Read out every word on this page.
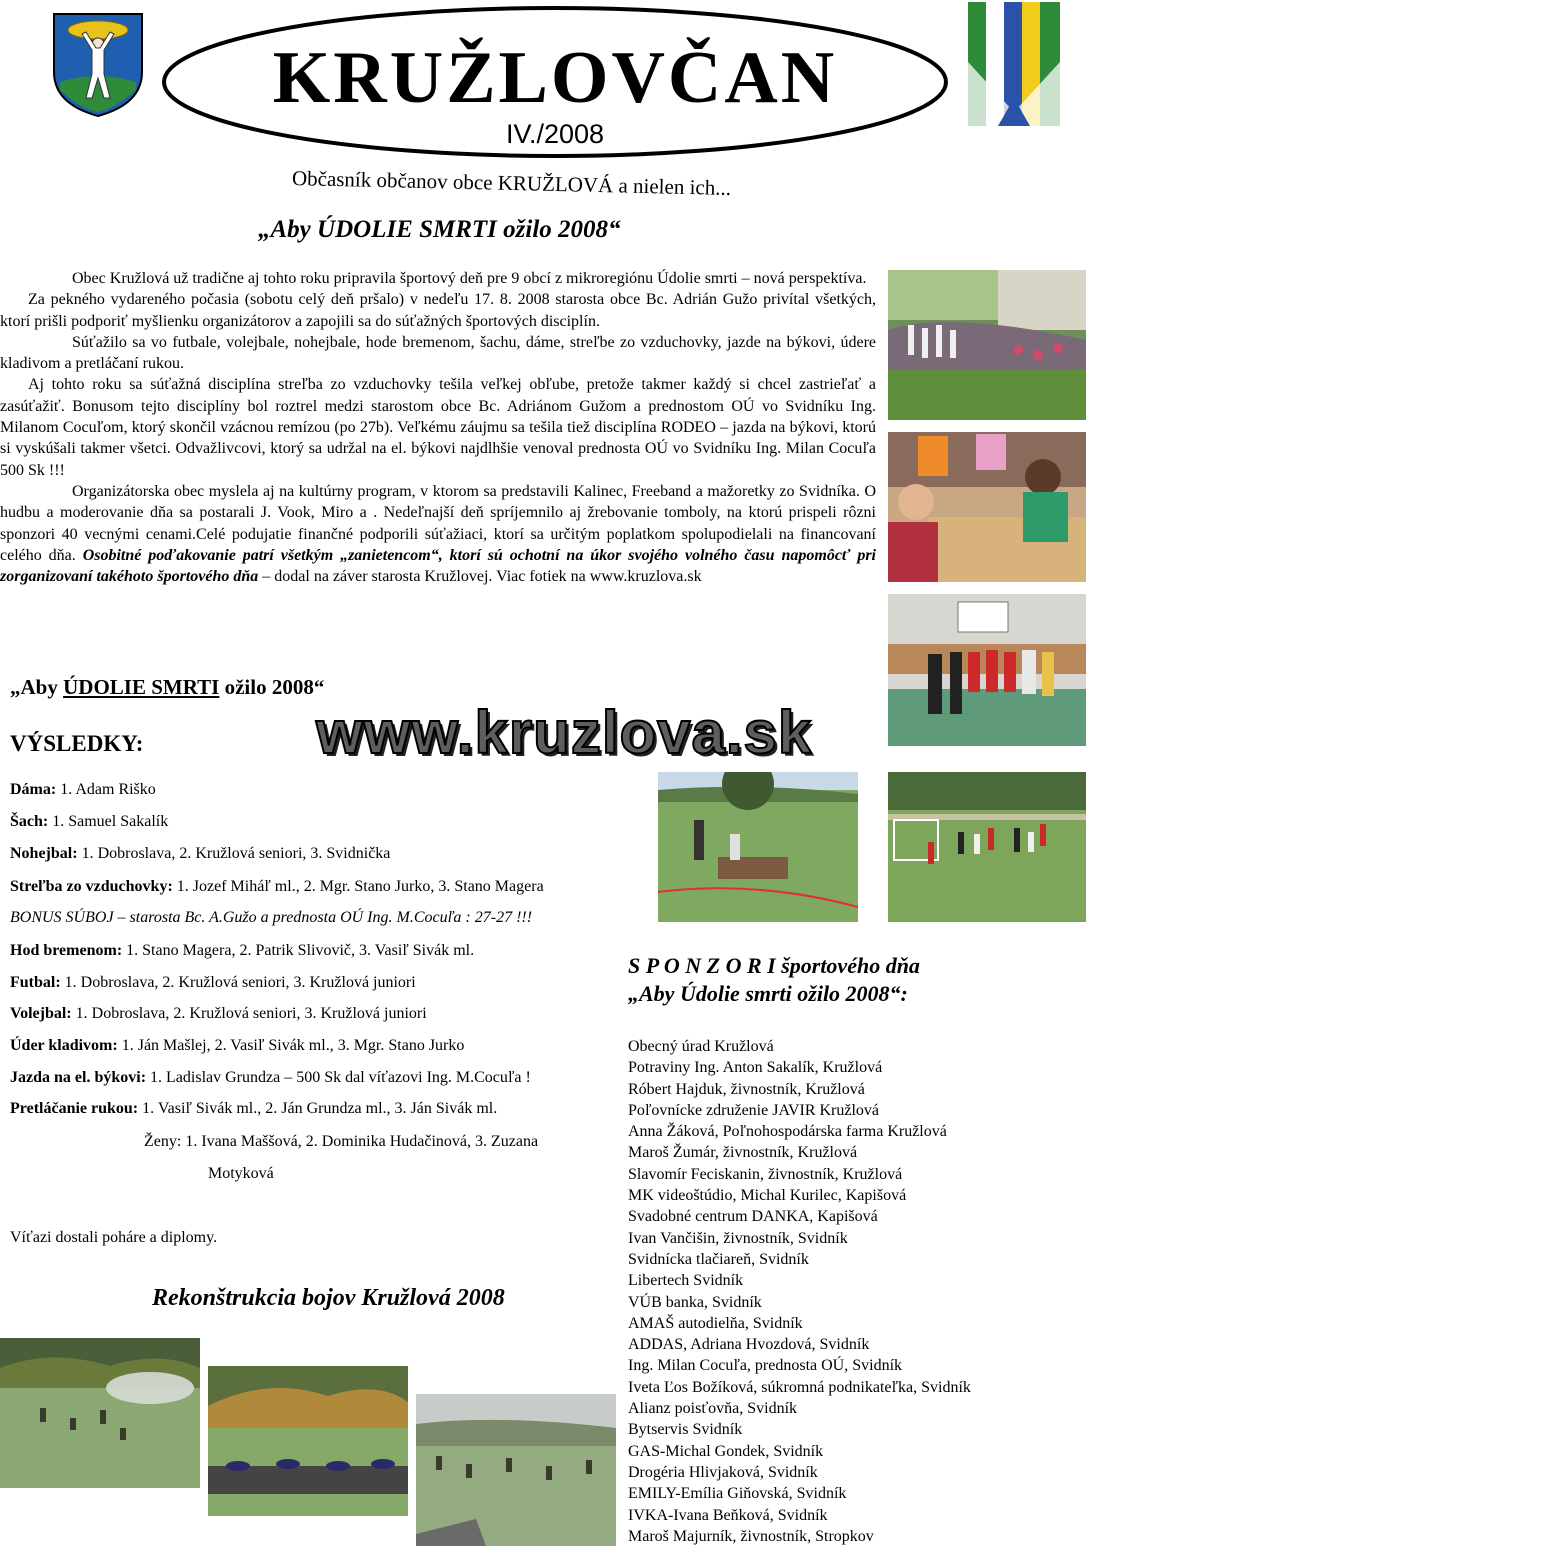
KRUŽLOVČAN
IV./2008
Občasník občanov obce KRUŽLOVÁ a nielen ich...
„Aby ÚDOLIE SMRTI ožilo 2008“

Obec Kružlová už tradične aj tohto roku pripravila športový deň pre 9 obcí z mikroregiónu Údolie smrti – nová perspektíva.

Za pekného vydareného počasia (sobotu celý deň pršalo) v nedeľu 17. 8. 2008 starosta obce Bc. Adrián Gužo privítal všetkých, ktorí prišli podporiť myšlienku organizátorov a zapojili sa do súťažných športových disciplín.

Súťažilo sa vo futbale, volejbale, nohejbale, hode bremenom, šachu, dáme, streľbe zo vzduchovky, jazde na býkovi, údere kladivom a pretláčaní rukou.

Aj tohto roku sa súťažná disciplína streľba zo vzduchovky tešila veľkej obľube, pretože takmer každý si chcel zastrieľať a zasúťažiť. Bonusom tejto disciplíny bol roztrel medzi starostom obce Bc. Adriánom Gužom a prednostom OÚ vo Svidníku Ing. Milanom Cocuľom, ktorý skončil vzácnou remízou (po 27b). Veľkému záujmu sa tešila tiež disciplína RODEO – jazda na býkovi, ktorú si vyskúšali takmer všetci. Odvažlivcovi, ktorý sa udržal na el. býkovi najdlhšie venoval prednosta OÚ vo Svidníku Ing. Milan Cocuľa 500 Sk !!!

Organizátorska obec myslela aj na kultúrny program, v ktorom sa predstavili Kalinec, Freeband a mažoretky zo Svidníka. O hudbu a moderovanie dňa sa postarali J. Vook, Miro a . Nedeľnajší deň spríjemnilo aj žrebovanie tomboly, na ktorú prispeli rôzni sponzori 40 vecnými cenami.Celé podujatie finančné podporili súťažiaci, ktorí sa určitým poplatkom spolupodielali na financovaní celého dňa. Osobitné poďakovanie patrí všetkým „zanietencom“, ktorí sú ochotní na úkor svojého volného času napomôcť pri zorganizovaní takéhoto športového dňa – dodal na záver starosta Kružlovej. Viac fotiek na www.kruzlova.sk

„Aby ÚDOLIE SMRTI ožilo 2008“
VÝSLEDKY:	www.kruzlova.sk
Dáma: 1. Adam Riško
Šach: 1. Samuel Sakalík
Nohejbal: 1. Dobroslava, 2. Kružlová seniori, 3. Svidnička
Streľba zo vzduchovky: 1. Jozef Miháľ ml., 2. Mgr. Stano Jurko, 3. Stano Magera
BONUS SÚBOJ – starosta Bc. A.Gužo a prednosta OÚ Ing. M.Cocuľa : 27-27 !!!
Hod bremenom: 1. Stano Magera, 2. Patrik Slivovič, 3. Vasiľ Sivák ml.
Futbal: 1. Dobroslava, 2. Kružlová seniori, 3. Kružlová juniori
Volejbal: 1. Dobroslava, 2. Kružlová seniori, 3. Kružlová juniori
Úder kladivom: 1. Ján Mašlej, 2. Vasiľ Sivák ml., 3. Mgr. Stano Jurko
Jazda na el. býkovi: 1. Ladislav Grundza – 500 Sk dal víťazovi Ing. M.Cocuľa !
Pretláčanie rukou: 1. Vasiľ Sivák ml., 2. Ján Grundza ml., 3. Ján Sivák ml.
Ženy: 1. Ivana Maššová, 2. Dominika Hudačinová, 3. Zuzana
Motyková
Víťazi dostali poháre a diplomy.
S P O N Z O R I športového dňa
„Aby Údolie smrti ožilo 2008“:
Obecný úrad Kružlová
Potraviny Ing. Anton Sakalík, Kružlová
Róbert Hajduk, živnostník, Kružlová
Poľovnícke združenie JAVIR Kružlová
Anna Žáková, Poľnohospodárska farma Kružlová
Maroš Žumár, živnostník, Kružlová
Slavomír Feciskanin, živnostník, Kružlová
MK videoštúdio, Michal Kurilec, Kapišová
Svadobné centrum DANKA, Kapišová
Ivan Vančišin, živnostník, Svidník
Svidnícka tlačiareň, Svidník
Libertech Svidník
VÚB banka, Svidník
AMAŠ autodielňa, Svidník
ADDAS, Adriana Hvozdová, Svidník
Ing. Milan Cocuľa, prednosta OÚ, Svidník
Iveta Ľos Božíková, súkromná podnikateľka, Svidník
Alianz poisťovňa, Svidník
Bytservis Svidník
GAS-Michal Gondek, Svidník
Drogéria Hlivjaková, Svidník
EMILY-Emília Giňovská, Svidník
IVKA-Ivana Beňková, Svidník
Maroš Majurník, živnostník, Stropkov
Rekonštrukcia bojov Kružlová 2008
